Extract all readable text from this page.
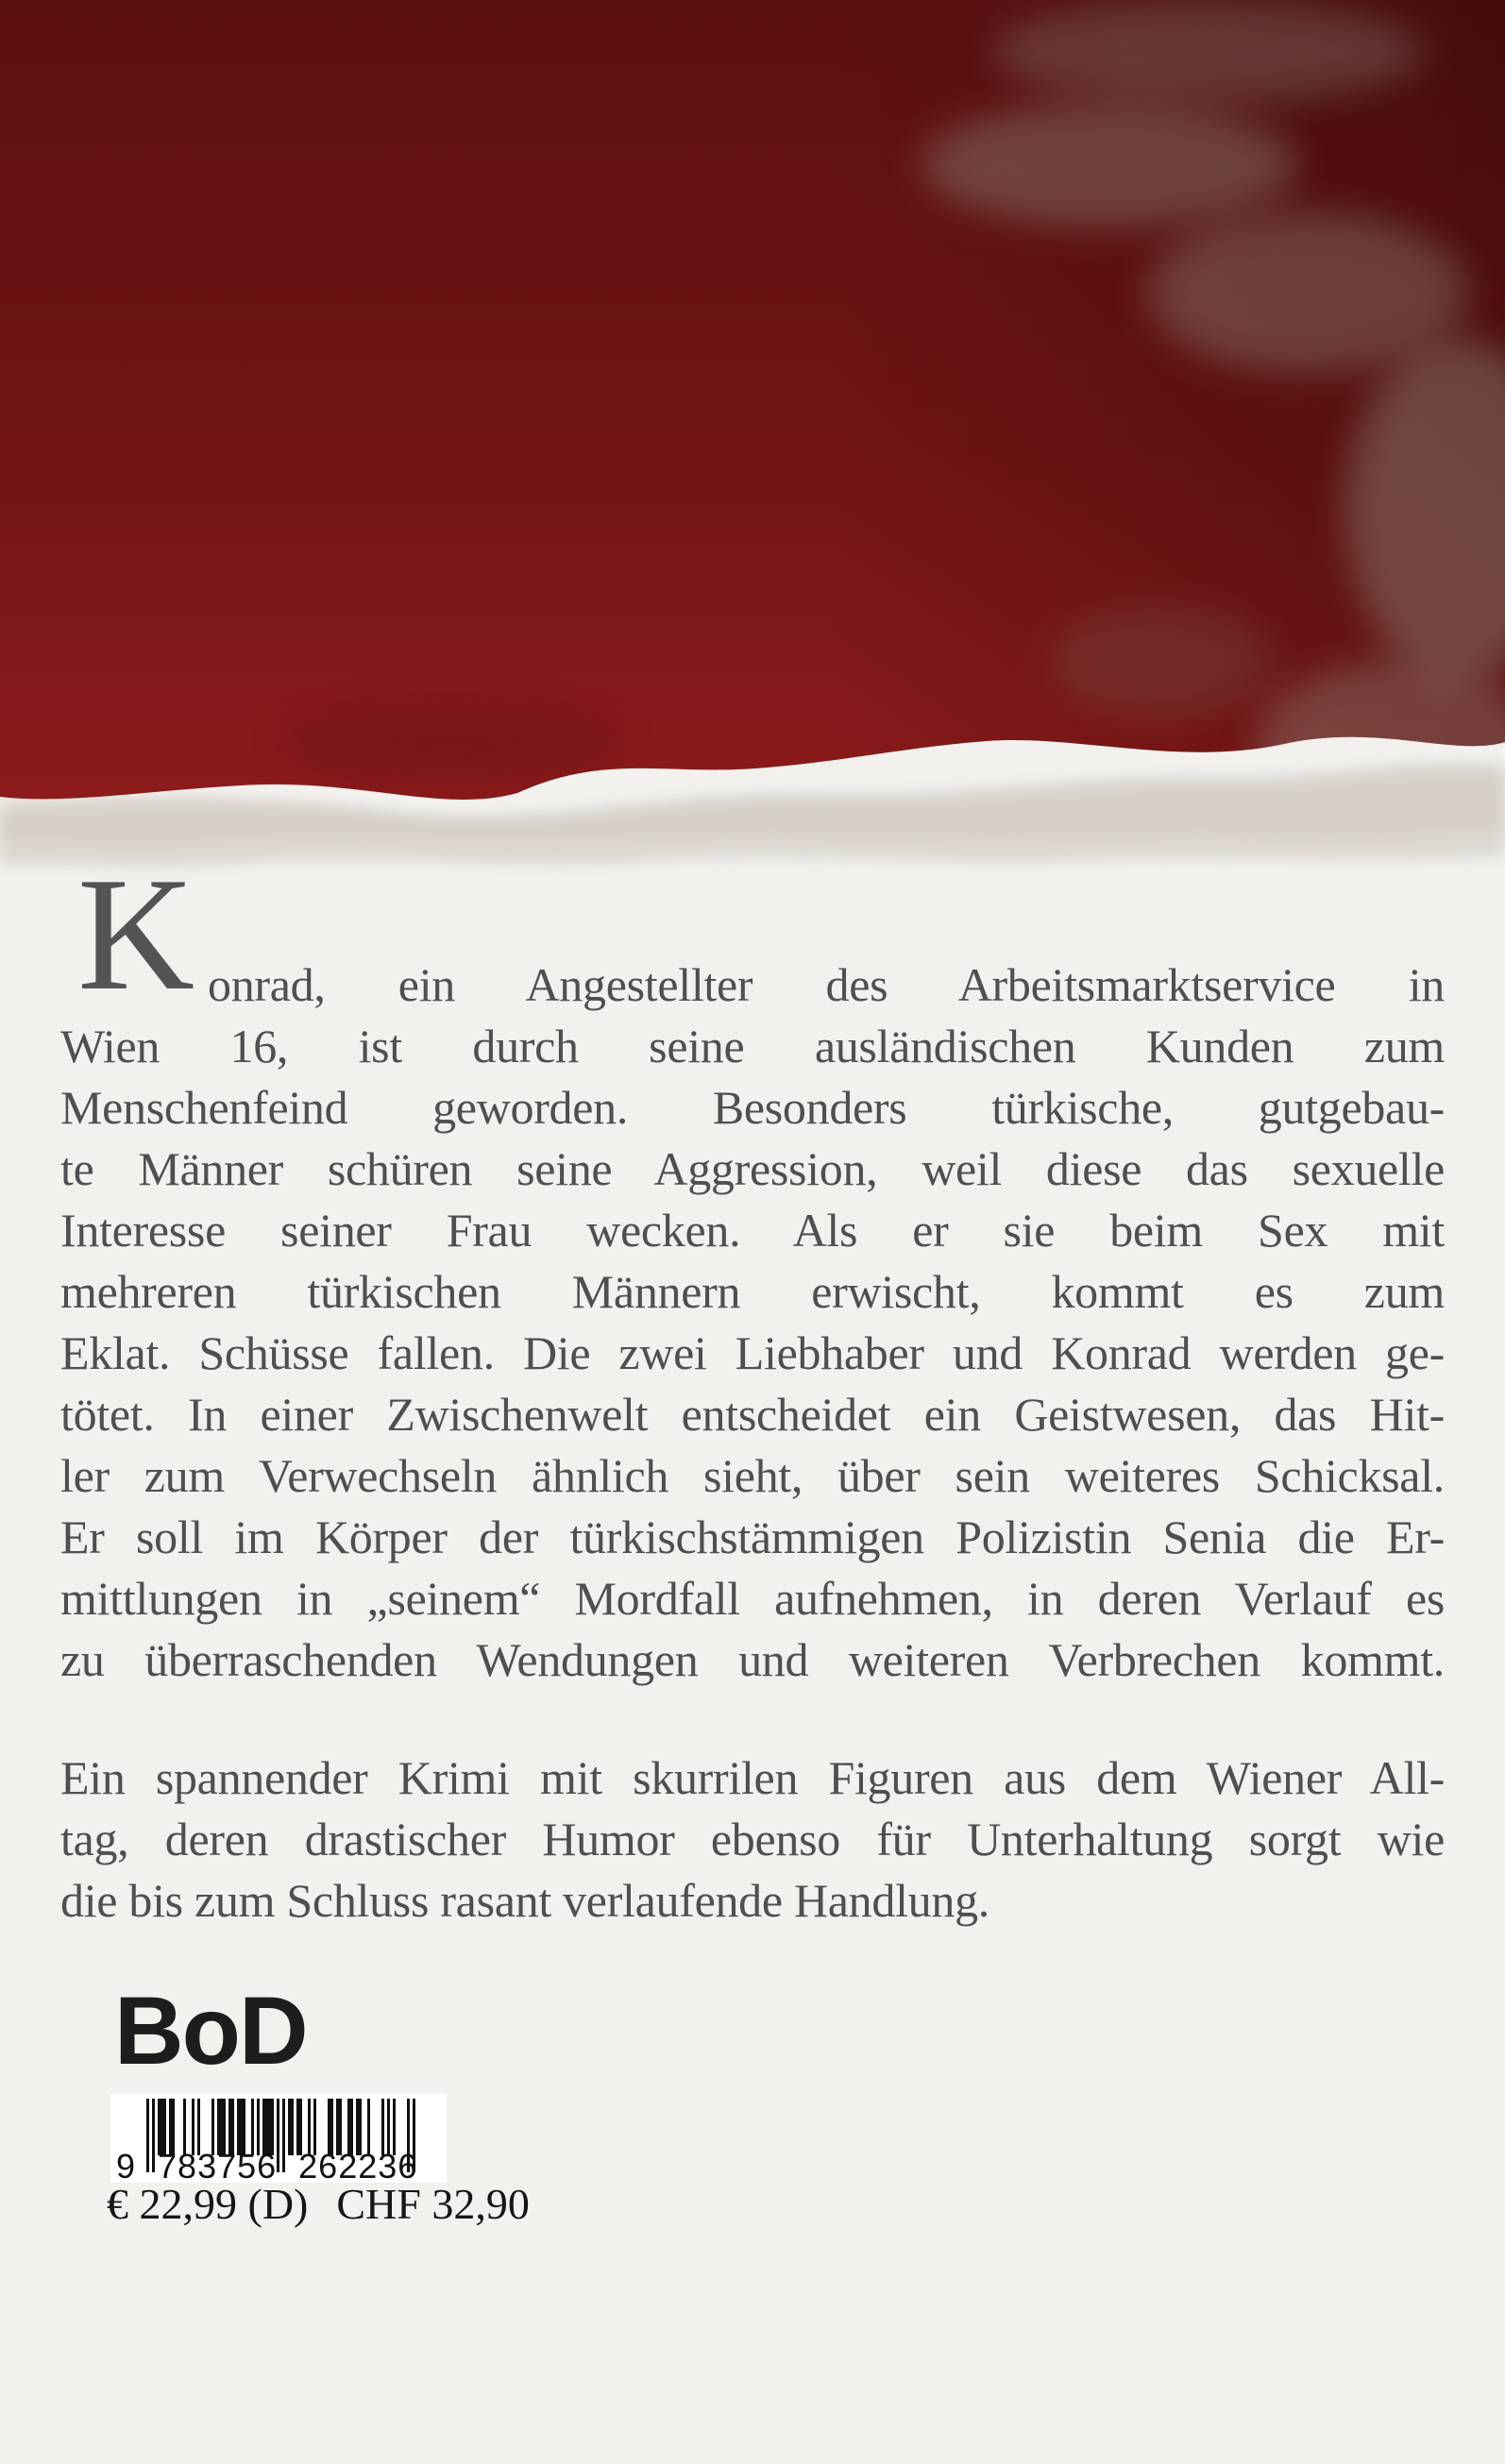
K onrad, ein Angestellter des Arbeitsmarktservice in
Wien 16, ist durch seine ausländischen Kunden zum
Menschenfeind geworden. Besonders türkische, gutgebau-
te Männer schüren seine Aggression, weil diese das sexuelle
Interesse seiner Frau wecken. Als er sie beim Sex mit
mehreren türkischen Männern erwischt, kommt es zum
Eklat. Schüsse fallen. Die zwei Liebhaber und Konrad werden ge-
tötet. In einer Zwischenwelt entscheidet ein Geistwesen, das Hit-
ler zum Verwechseln ähnlich sieht, über sein weiteres Schicksal.
Er soll im Körper der türkischstämmigen Polizistin Senia die Er-
mittlungen in „seinem“ Mordfall aufnehmen, in deren Verlauf es
zu überraschenden Wendungen und weiteren Verbrechen kommt.
Ein spannender Krimi mit skurrilen Figuren aus dem Wiener All-
tag, deren drastischer Humor ebenso für Unterhaltung sorgt wie
die bis zum Schluss rasant verlaufende Handlung.
BoD
9 783756 262236
€ 22,99 (D) CHF 32,90
